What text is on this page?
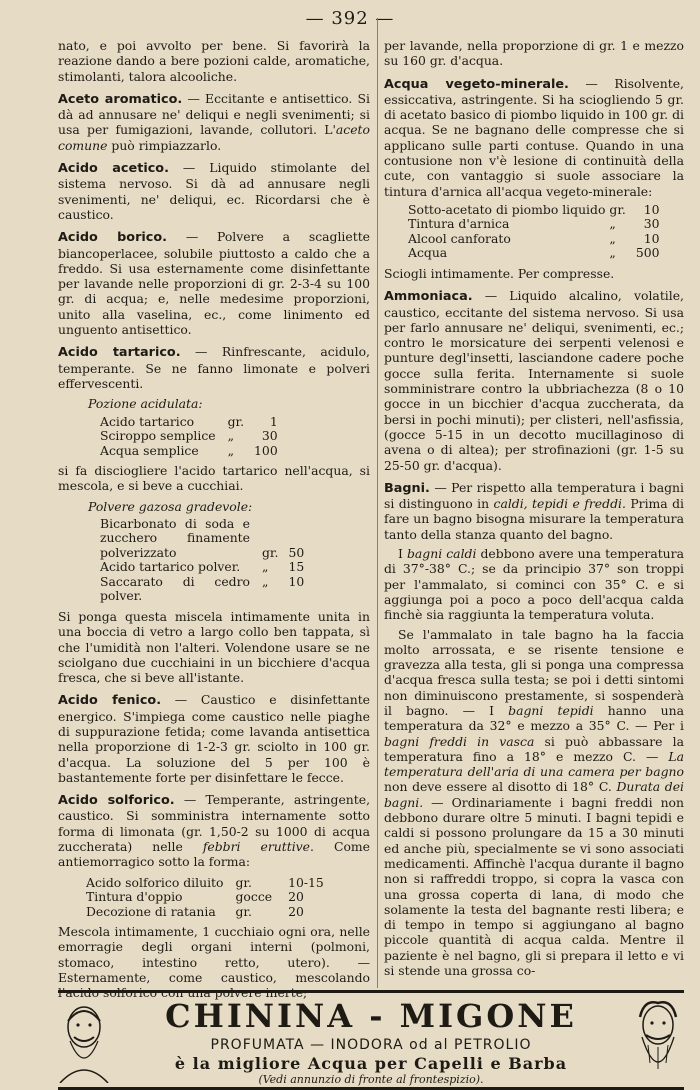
— 392 —

nato, e poi avvolto per bene. Si favorirà la reazione dando a bere pozioni calde, aromatiche, stimolanti, talora alcooliche.

Aceto aromatico. — Eccitante e antisettico. Si dà ad annusare ne' deliqui e negli svenimenti; si usa per fumigazioni, lavande, collutori. L'aceto comune può rimpiazzarlo.

Acido acetico. — Liquido stimolante del sistema nervoso. Si dà ad annusare negli svenimenti, ne' deliqui, ec. Ricordarsi che è caustico.

Acido borico. — Polvere a scagliette biancoperlacee, solubile piuttosto a caldo che a freddo. Si usa esternamente come disinfettante per lavande nelle proporzioni di gr. 2-3-4 su 100 gr. di acqua; e, nelle medesime proporzioni, unito alla vaselina, ec., come linimento ed unguento antisettico.

Acido tartarico. — Rinfrescante, acidulo, temperante. Se ne fanno limonate e polveri effervescenti.

Pozione acidulata:
Acido tartarico	gr.	1
Sciroppo semplice	„	30
Acqua semplice	„	100

si fa disciogliere l'acido tartarico nell'acqua, si mescola, e si beve a cucchiai.

Polvere gazosa gradevole:
Bicarbonato di soda e zucchero finamente polverizzato	gr.	50
Acido tartarico polver.	„	15
Saccarato di cedro polver.	„	10

Si ponga questa miscela intimamente unita in una boccia di vetro a largo collo ben tappata, sì che l'umidità non l'alteri. Volendone usare se ne sciolgano due cucchiaini in un bicchiere d'acqua fresca, che si beve all'istante.

Acido fenico. — Caustico e disinfettante energico. S'impiega come caustico nelle piaghe di suppurazione fetida; come lavanda antisettica nella proporzione di 1-2-3 gr. sciolto in 100 gr. d'acqua. La soluzione del 5 per 100 è bastantemente forte per disinfettare le fecce.

Acido solforico. — Temperante, astringente, caustico. Si somministra internamente sotto forma di limonata (gr. 1,50-2 su 1000 di acqua zuccherata) nelle febbri eruttive. Come antiemorragico sotto la forma:

Acido solforico diluito	gr.	10-15
Tintura d'oppio	gocce	20
Decozione di ratania	gr.	20

Mescola intimamente, 1 cucchiaio ogni ora, nelle emorragie degli organi interni (polmoni, stomaco, intestino retto, utero). — Esternamente, come caustico, mescolando l'acido solforico con una polvere inerte;

per lavande, nella proporzione di gr. 1 e mezzo su 160 gr. d'acqua.

Acqua vegeto-minerale. — Risolvente, essiccativa, astringente. Si ha sciogliendo 5 gr. di acetato basico di piombo liquido in 100 gr. di acqua. Se ne bagnano delle compresse che si applicano sulle parti contuse. Quando in una contusione non v'è lesione di continuità della cute, con vantaggio si suole associare la tintura d'arnica all'acqua vegeto-minerale:

Sotto-acetato di piombo liquido	gr.	10
Tintura d'arnica	„	30
Alcool canforato	„	10
Acqua	„	500

Sciogli intimamente. Per compresse.

Ammoniaca. — Liquido alcalino, volatile, caustico, eccitante del sistema nervoso. Si usa per farlo annusare ne' deliqui, svenimenti, ec.; contro le morsicature dei serpenti velenosi e punture degl'insetti, lasciandone cadere poche gocce sulla ferita. Internamente si suole somministrare contro la ubbriachezza (8 o 10 gocce in un bicchier d'acqua zuccherata, da bersi in pochi minuti); per clisteri, nell'asfissia, (gocce 5-15 in un decotto mucillaginoso di avena o di altea); per strofinazioni (gr. 1-5 su 25-50 gr. d'acqua).

Bagni. — Per rispetto alla temperatura i bagni si distinguono in caldi, tepidi e freddi. Prima di fare un bagno bisogna misurare la temperatura tanto della stanza quanto del bagno.

I bagni caldi debbono avere una temperatura di 37°-38° C.; se da principio 37° son troppi per l'ammalato, si cominci con 35° C. e si aggiunga poi a poco a poco dell'acqua calda finchè sia raggiunta la temperatura voluta.

Se l'ammalato in tale bagno ha la faccia molto arrossata, e se risente tensione e gravezza alla testa, gli si ponga una compressa d'acqua fresca sulla testa; se poi i detti sintomi non diminuiscono prestamente, si sospenderà il bagno. — I bagni tepidi hanno una temperatura da 32° e mezzo a 35° C. — Per i bagni freddi in vasca si può abbassare la temperatura fino a 18° e mezzo C. — La temperatura dell'aria di una camera per bagno non deve essere al disotto di 18° C. Durata dei bagni. — Ordinariamente i bagni freddi non debbono durare oltre 5 minuti. I bagni tepidi e caldi si possono prolungare da 15 a 30 minuti ed anche più, specialmente se vi sono associati medicamenti. Affinchè l'acqua durante il bagno non si raffreddi troppo, si copra la vasca con una grossa coperta di lana, di modo che solamente la testa del bagnante resti libera; e di tempo in tempo si aggiungano al bagno piccole quantità di acqua calda. Mentre il paziente è nel bagno, gli si prepara il letto e vi si stende una grossa co-

CHININA - MIGONE
PROFUMATA — INODORA od al PETROLIO
è la migliore Acqua per Capelli e Barba
(Vedi annunzio di fronte al frontespizio).
